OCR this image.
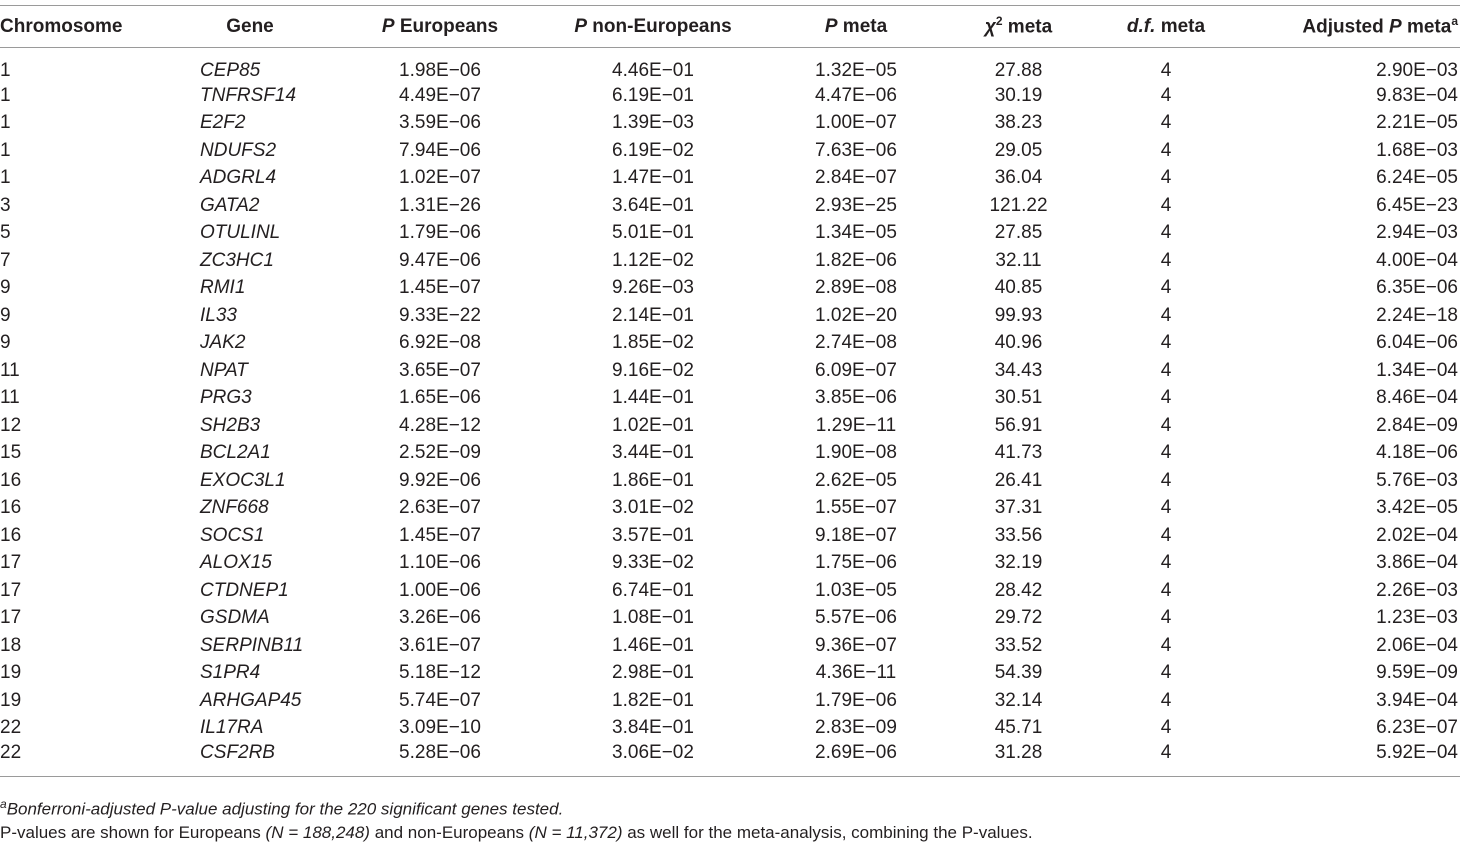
Chromosome	Gene	P Europeans	P non-Europeans	P meta	$\chi^2$ meta	d.f. meta	Adjusted P meta$^a$
1	CEP85	1.98E−06	4.46E−01	1.32E−05	27.88	4	2.90E−03
1	TNFRSF14	4.49E−07	6.19E−01	4.47E−06	30.19	4	9.83E−04
1	E2F2	3.59E−06	1.39E−03	1.00E−07	38.23	4	2.21E−05
1	NDUFS2	7.94E−06	6.19E−02	7.63E−06	29.05	4	1.68E−03
1	ADGRL4	1.02E−07	1.47E−01	2.84E−07	36.04	4	6.24E−05
3	GATA2	1.31E−26	3.64E−01	2.93E−25	121.22	4	6.45E−23
5	OTULINL	1.79E−06	5.01E−01	1.34E−05	27.85	4	2.94E−03
7	ZC3HC1	9.47E−06	1.12E−02	1.82E−06	32.11	4	4.00E−04
9	RMI1	1.45E−07	9.26E−03	2.89E−08	40.85	4	6.35E−06
9	IL33	9.33E−22	2.14E−01	1.02E−20	99.93	4	2.24E−18
9	JAK2	6.92E−08	1.85E−02	2.74E−08	40.96	4	6.04E−06
11	NPAT	3.65E−07	9.16E−02	6.09E−07	34.43	4	1.34E−04
11	PRG3	1.65E−06	1.44E−01	3.85E−06	30.51	4	8.46E−04
12	SH2B3	4.28E−12	1.02E−01	1.29E−11	56.91	4	2.84E−09
15	BCL2A1	2.52E−09	3.44E−01	1.90E−08	41.73	4	4.18E−06
16	EXOC3L1	9.92E−06	1.86E−01	2.62E−05	26.41	4	5.76E−03
16	ZNF668	2.63E−07	3.01E−02	1.55E−07	37.31	4	3.42E−05
16	SOCS1	1.45E−07	3.57E−01	9.18E−07	33.56	4	2.02E−04
17	ALOX15	1.10E−06	9.33E−02	1.75E−06	32.19	4	3.86E−04
17	CTDNEP1	1.00E−06	6.74E−01	1.03E−05	28.42	4	2.26E−03
17	GSDMA	3.26E−06	1.08E−01	5.57E−06	29.72	4	1.23E−03
18	SERPINB11	3.61E−07	1.46E−01	9.36E−07	33.52	4	2.06E−04
19	S1PR4	5.18E−12	2.98E−01	4.36E−11	54.39	4	9.59E−09
19	ARHGAP45	5.74E−07	1.82E−01	1.79E−06	32.14	4	3.94E−04
22	IL17RA	3.09E−10	3.84E−01	2.83E−09	45.71	4	6.23E−07
22	CSF2RB	5.28E−06	3.06E−02	2.69E−06	31.28	4	5.92E−04
$^a$Bonferroni-adjusted P-value adjusting for the 220 significant genes tested.
P-values are shown for Europeans (N = 188,248) and non-Europeans (N = 11,372) as well for the meta-analysis, combining the P-values.
